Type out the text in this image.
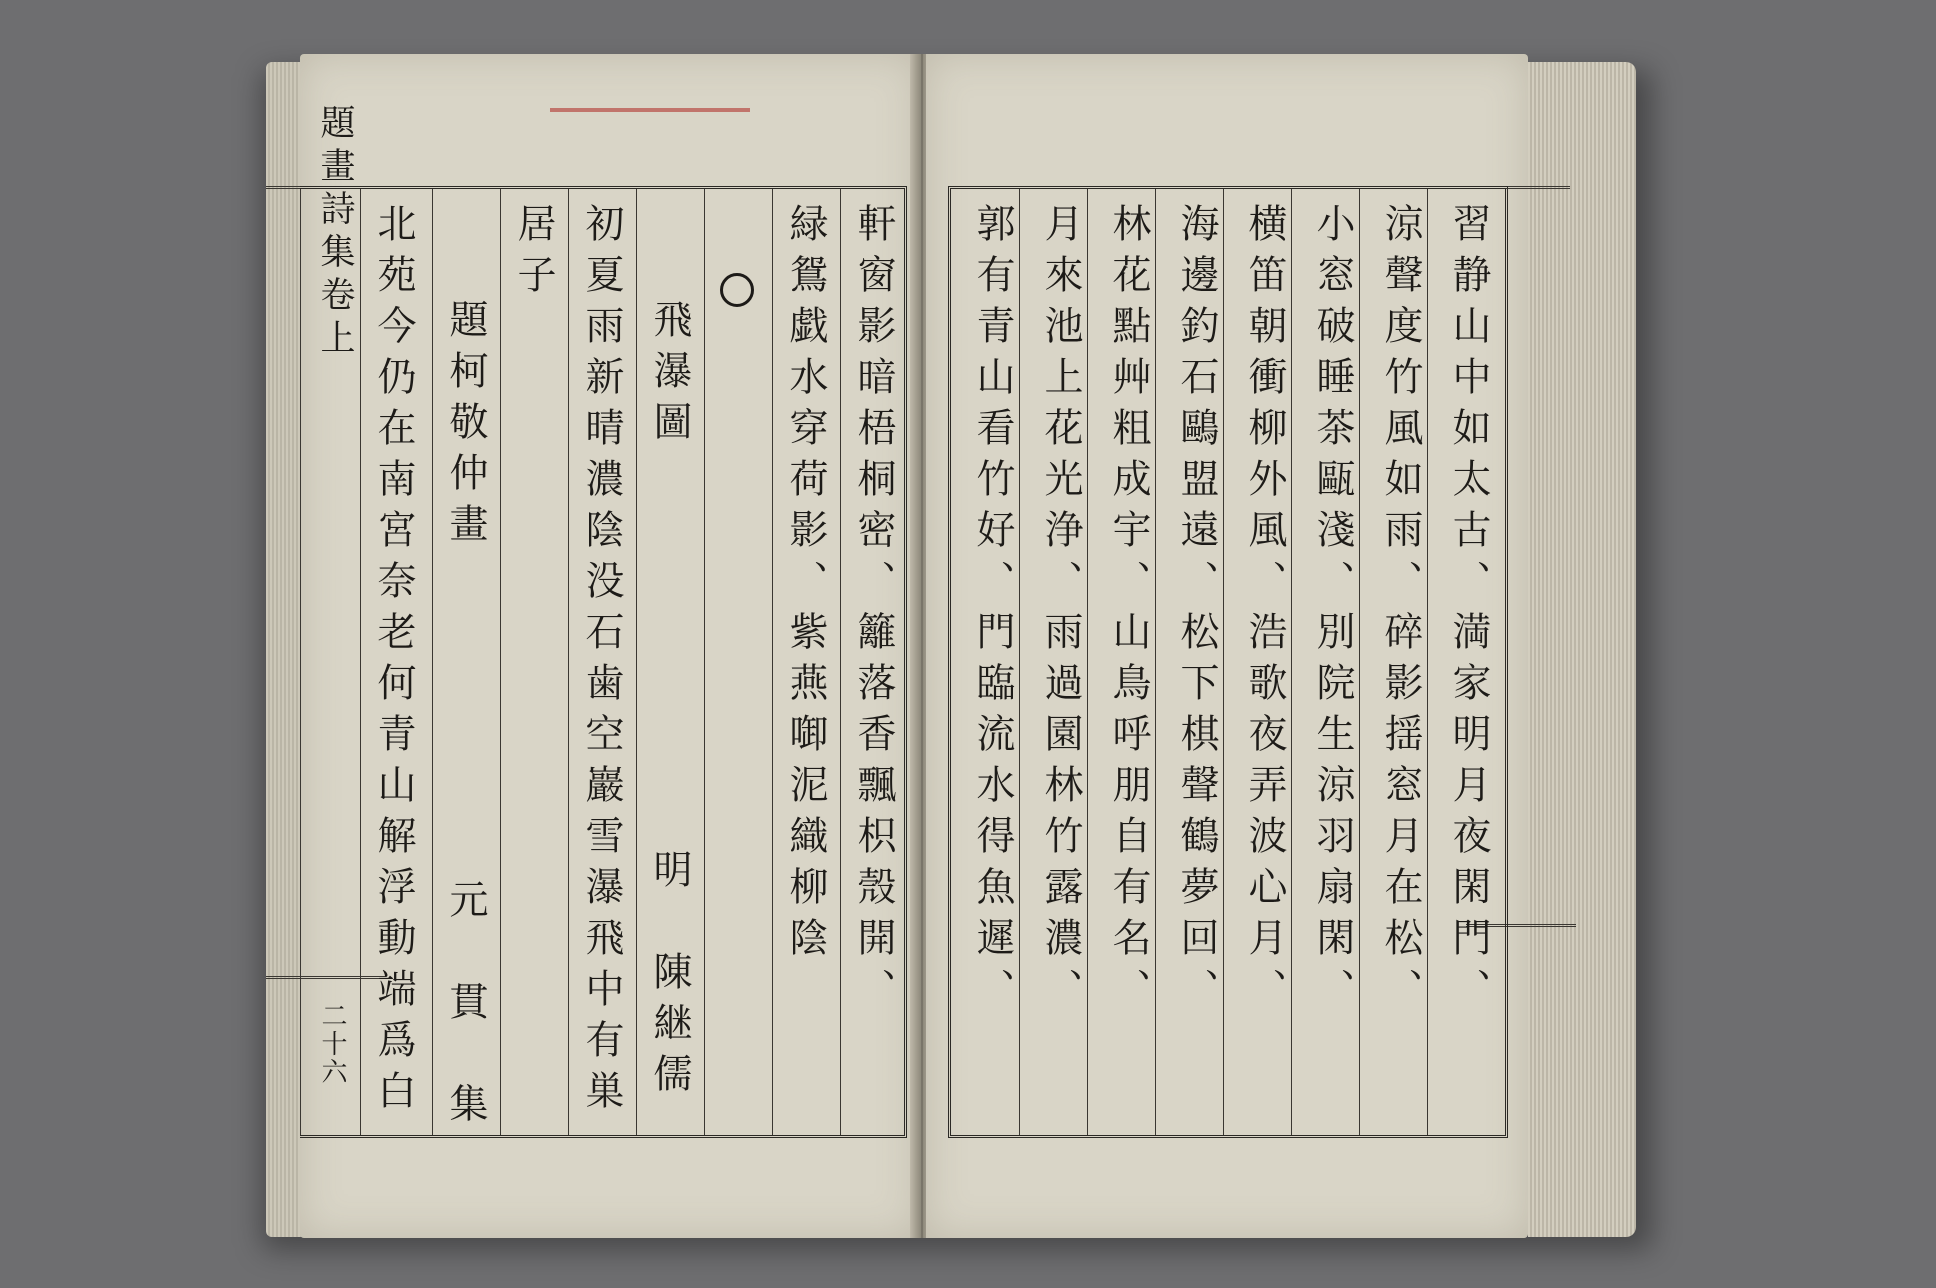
題畫詩集卷上
二十六
軒窗影暗梧桐密、籬落香飄枳殼開、
緑鴛戯水穿荷影、紫燕啣泥織柳陰
飛瀑圖
明　陳継儒
初夏雨新晴濃陰没石歯空巖雪瀑飛中有巣
居子
題柯敬仲畫
元　貫　集
北苑今仍在南宮奈老何青山解浮動端爲白	習静山中如太古、満家明月夜閑門、
涼聲度竹風如雨、碎影揺窓月在松、
小窓破睡茶甌淺、別院生涼羽扇閑、
横笛朝衝柳外風、浩歌夜弄波心月、
海邊釣石鷗盟遠、松下棋聲鶴夢回、
林花點艸粗成宇、山鳥呼朋自有名、
月來池上花光浄、雨過園林竹露濃、
郭有青山看竹好、門臨流水得魚遲、
